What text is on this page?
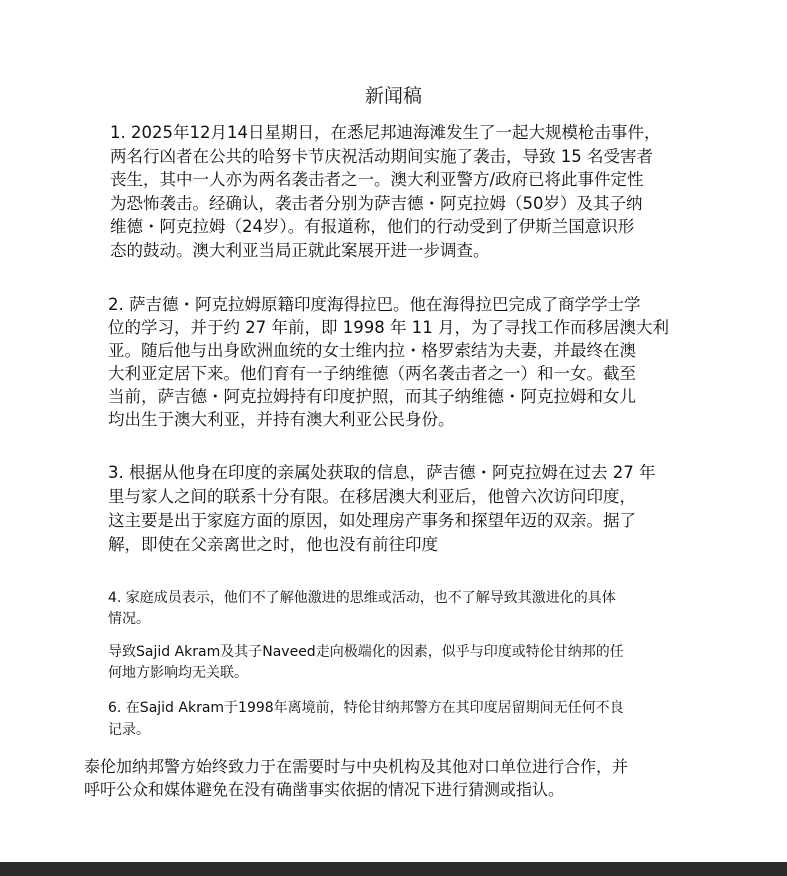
新闻稿

1. 2025年12月14日星期日，在悉尼邦迪海滩发生了一起大规模枪击事件，
两名行凶者在公共的哈努卡节庆祝活动期间实施了袭击，导致 15 名受害者
丧生，其中一人亦为两名袭击者之一。澳大利亚警方/政府已将此事件定性
为恐怖袭击。经确认，袭击者分别为萨吉德・阿克拉姆（50岁）及其子纳
维德・阿克拉姆（24岁）。有报道称，他们的行动受到了伊斯兰国意识形
态的鼓动。澳大利亚当局正就此案展开进一步调查。

2. 萨吉德・阿克拉姆原籍印度海得拉巴。他在海得拉巴完成了商学学士学
位的学习，并于约 27 年前，即 1998 年 11 月，为了寻找工作而移居澳大利
亚。随后他与出身欧洲血统的女士维内拉・格罗索结为夫妻，并最终在澳
大利亚定居下来。他们育有一子纳维德（两名袭击者之一）和一女。截至
当前，萨吉德・阿克拉姆持有印度护照，而其子纳维德・阿克拉姆和女儿
均出生于澳大利亚，并持有澳大利亚公民身份。

3. 根据从他身在印度的亲属处获取的信息，萨吉德・阿克拉姆在过去 27 年
里与家人之间的联系十分有限。在移居澳大利亚后，他曾六次访问印度，
这主要是出于家庭方面的原因，如处理房产事务和探望年迈的双亲。据了
解，即使在父亲离世之时，他也没有前往印度

4. 家庭成员表示，他们不了解他激进的思维或活动，也不了解导致其激进化的具体
情况。

导致Sajid Akram及其子Naveed走向极端化的因素，似乎与印度或特伦甘纳邦的任
何地方影响均无关联。

6. 在Sajid Akram于1998年离境前，特伦甘纳邦警方在其印度居留期间无任何不良
记录。

泰伦加纳邦警方始终致力于在需要时与中央机构及其他对口单位进行合作，并
呼吁公众和媒体避免在没有确凿事实依据的情况下进行猜测或指认。
